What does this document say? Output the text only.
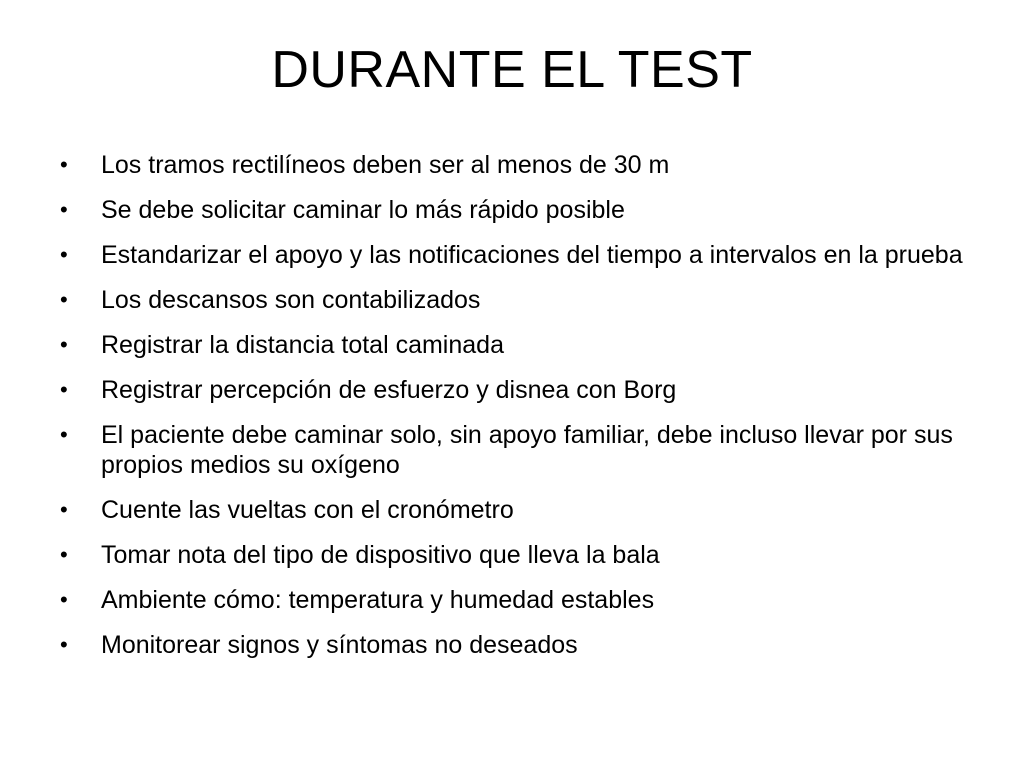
DURANTE EL TEST
• Los tramos rectilíneos deben ser al menos de 30 m
• Se debe solicitar caminar lo más rápido posible
• Estandarizar el apoyo y las notificaciones del tiempo a intervalos en la prueba
• Los descansos son contabilizados
• Registrar la distancia total caminada
• Registrar percepción de esfuerzo y disnea con Borg
• El paciente debe caminar solo, sin apoyo familiar, debe incluso llevar por sus propios medios su oxígeno
• Cuente las vueltas con el cronómetro
• Tomar nota del tipo de dispositivo que lleva la bala
• Ambiente cómo: temperatura y humedad estables
• Monitorear signos y síntomas no deseados
